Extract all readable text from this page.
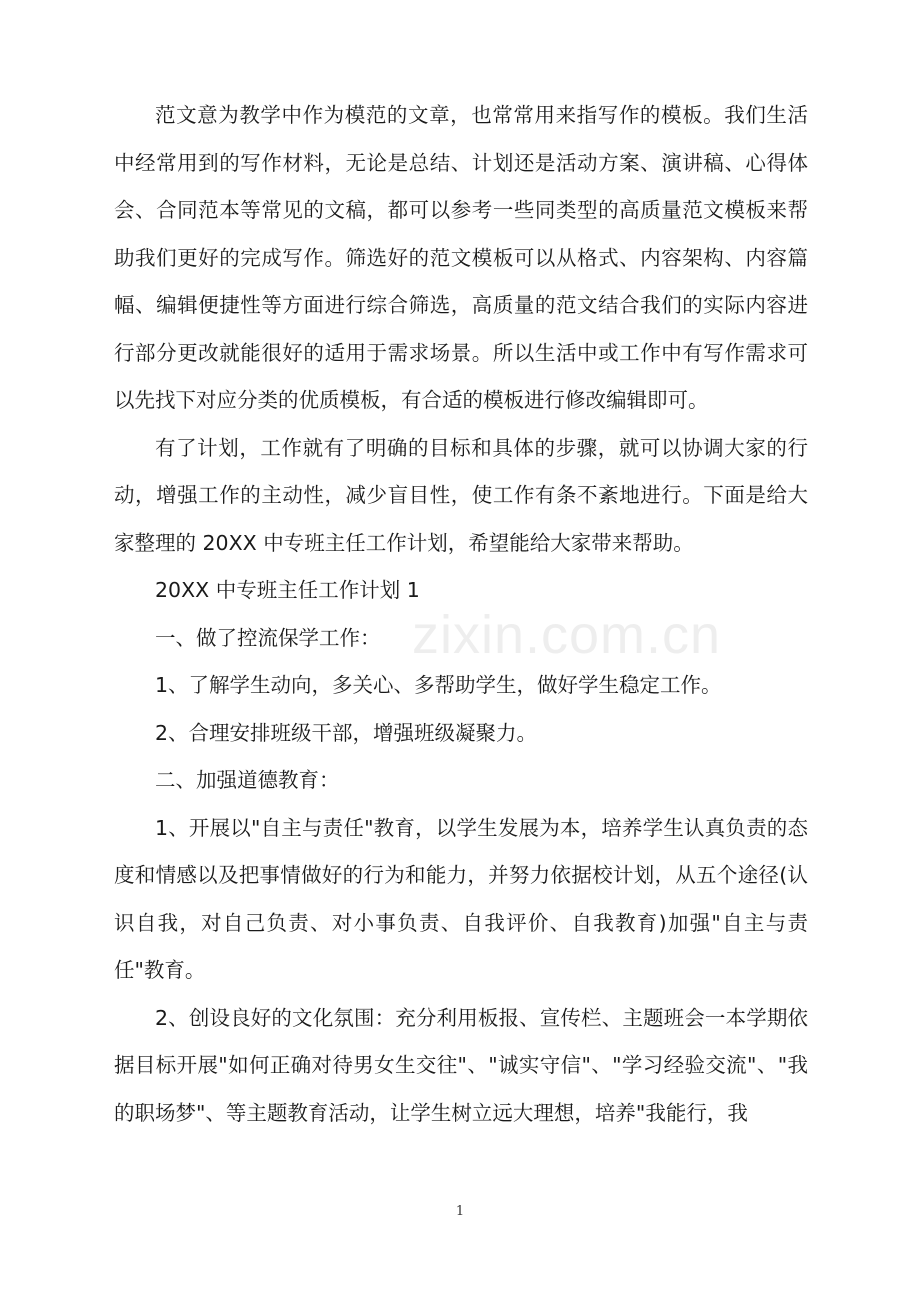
范文意为教学中作为模范的文章，也常常用来指写作的模板。我们生活中经常用到的写作材料，无论是总结、计划还是活动方案、演讲稿、心得体会、合同范本等常见的文稿，都可以参考一些同类型的高质量范文模板来帮助我们更好的完成写作。筛选好的范文模板可以从格式、内容架构、内容篇幅、编辑便捷性等方面进行综合筛选，高质量的范文结合我们的实际内容进行部分更改就能很好的适用于需求场景。所以生活中或工作中有写作需求可以先找下对应分类的优质模板，有合适的模板进行修改编辑即可。

有了计划，工作就有了明确的目标和具体的步骤，就可以协调大家的行动，增强工作的主动性，减少盲目性，使工作有条不紊地进行。下面是给大家整理的 20XX 中专班主任工作计划，希望能给大家带来帮助。

20XX 中专班主任工作计划 1

一、做了控流保学工作：

1、了解学生动向，多关心、多帮助学生，做好学生稳定工作。

2、合理安排班级干部，增强班级凝聚力。

二、加强道德教育：

1、开展以"自主与责任"教育，以学生发展为本，培养学生认真负责的态度和情感以及把事情做好的行为和能力，并努力依据校计划，从五个途径(认识自我，对自己负责、对小事负责、自我评价、自我教育)加强"自主与责任"教育。

2、创设良好的文化氛围：充分利用板报、宣传栏、主题班会一本学期依据目标开展"如何正确对待男女生交往"、"诚实守信"、"学习经验交流"、"我的职场梦"、等主题教育活动，让学生树立远大理想，培养"我能行，我

zixin.com.cn
1
